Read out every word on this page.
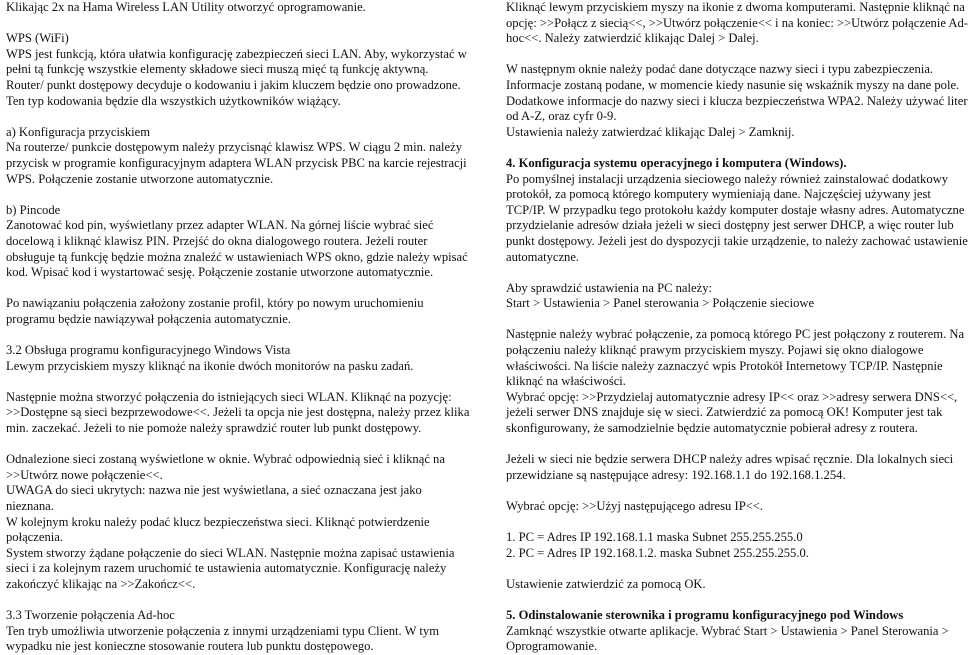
Klikając 2x na Hama Wireless LAN Utility otworzyć oprogramowanie.

WPS (WiFi)
WPS jest funkcją, która ułatwia konfigurację zabezpieczeń sieci LAN. Aby, wykorzystać w
pełni tą funkcję wszystkie elementy składowe sieci muszą mięć tą funkcję aktywną.
Router/ punkt dostępowy decyduje o kodowaniu i jakim kluczem będzie ono prowadzone.
Ten typ kodowania będzie dla wszystkich użytkowników wiążący.

a) Konfiguracja przyciskiem
Na routerze/ punkcie dostępowym należy przycisnąć klawisz WPS. W ciągu 2 min. należy
przycisk w programie konfiguracyjnym adaptera WLAN przycisk PBC na karcie rejestracji
WPS. Połączenie zostanie utworzone automatycznie.

b) Pincode
Zanotować kod pin, wyświetlany przez adapter WLAN. Na górnej liście wybrać sieć
docelową i kliknąć klawisz PIN. Przejść do okna dialogowego routera. Jeżeli router
obsługuje tą funkcję będzie można znaleźć w ustawieniach WPS okno, gdzie należy wpisać
kod. Wpisać kod i wystartować sesję. Połączenie zostanie utworzone automatycznie.

Po nawiązaniu połączenia założony zostanie profil, który po nowym uruchomieniu
programu będzie nawiązywał połączenia automatycznie.

3.2 Obsługa programu konfiguracyjnego Windows Vista
Lewym przyciskiem myszy kliknąć na ikonie dwóch monitorów na pasku zadań.

Następnie można stworzyć połączenia do istniejących sieci WLAN. Kliknąć na pozycję:
>>Dostępne są sieci bezprzewodowe<<. Jeżeli ta opcja nie jest dostępna, należy przez klika
min. zaczekać. Jeżeli to nie pomoże należy sprawdzić router lub punkt dostępowy.

Odnalezione sieci zostaną wyświetlone w oknie. Wybrać odpowiednią sieć i kliknąć na
>>Utwórz nowe połączenie<<.
UWAGA do sieci ukrytych: nazwa nie jest wyświetlana, a sieć oznaczana jest jako
nieznana.
W kolejnym kroku należy podać klucz bezpieczeństwa sieci. Kliknąć potwierdzenie
połączenia.
System stworzy żądane połączenie do sieci WLAN. Następnie można zapisać ustawienia
sieci i za kolejnym razem uruchomić te ustawienia automatycznie. Konfigurację należy
zakończyć klikając na >>Zakończ<<.

3.3 Tworzenie połączenia Ad-hoc
Ten tryb umożliwia utworzenie połączenia z innymi urządzeniami typu Client. W tym
wypadku nie jest konieczne stosowanie routera lub punktu dostępowego.

Kliknąć lewym przyciskiem myszy na ikonie z dwoma komputerami. Następnie kliknąć na
opcję: >>Połącz z siecią<<, >>Utwórz połączenie<< i na koniec: >>Utwórz połączenie Ad-
hoc<<. Należy zatwierdzić klikając Dalej > Dalej.

W następnym oknie należy podać dane dotyczące nazwy sieci i typu zabezpieczenia.
Informacje zostaną podane, w momencie kiedy nasunie się wskaźnik myszy na dane pole.
Dodatkowe informacje do nazwy sieci i klucza bezpieczeństwa WPA2. Należy używać liter
od A-Z, oraz cyfr 0-9.
Ustawienia należy zatwierdzać klikając Dalej > Zamknij.

4. Konfiguracja systemu operacyjnego i komputera (Windows).

Po pomyślnej instalacji urządzenia sieciowego należy również zainstalować dodatkowy
protokół, za pomocą którego komputery wymieniają dane. Najczęściej używany jest
TCP/IP. W przypadku tego protokołu każdy komputer dostaje własny adres. Automatyczne
przydzielanie adresów działa jeżeli w sieci dostępny jest serwer DHCP, a więc router lub
punkt dostępowy. Jeżeli jest do dyspozycji takie urządzenie, to należy zachować ustawienie
automatyczne.

Aby sprawdzić ustawienia na PC należy:
Start > Ustawienia > Panel sterowania > Połączenie sieciowe

Następnie należy wybrać połączenie, za pomocą którego PC jest połączony z routerem. Na
połączeniu należy kliknąć prawym przyciskiem myszy. Pojawi się okno dialogowe
właściwości. Na liście należy zaznaczyć wpis Protokół Internetowy TCP/IP. Następnie
kliknąć na właściwości.
Wybrać opcję: >>Przydzielaj automatycznie adresy IP<< oraz >>adresy serwera DNS<<,
jeżeli serwer DNS znajduje się w sieci. Zatwierdzić za pomocą OK! Komputer jest tak
skonfigurowany, że samodzielnie będzie automatycznie pobierał adresy z routera.

Jeżeli w sieci nie będzie serwera DHCP należy adres wpisać ręcznie. Dla lokalnych sieci
przewidziane są następujące adresy: 192.168.1.1 do 192.168.1.254.

Wybrać opcję: >>Użyj następującego adresu IP<<.

1. PC = Adres IP 192.168.1.1 maska Subnet 255.255.255.0
2. PC = Adres IP 192.168.1.2. maska Subnet 255.255.255.0.

Ustawienie zatwierdzić za pomocą OK.

5. Odinstalowanie sterownika i programu konfiguracyjnego pod Windows

Zamknąć wszystkie otwarte aplikacje. Wybrać Start > Ustawienia > Panel Sterowania >
Oprogramowanie.
